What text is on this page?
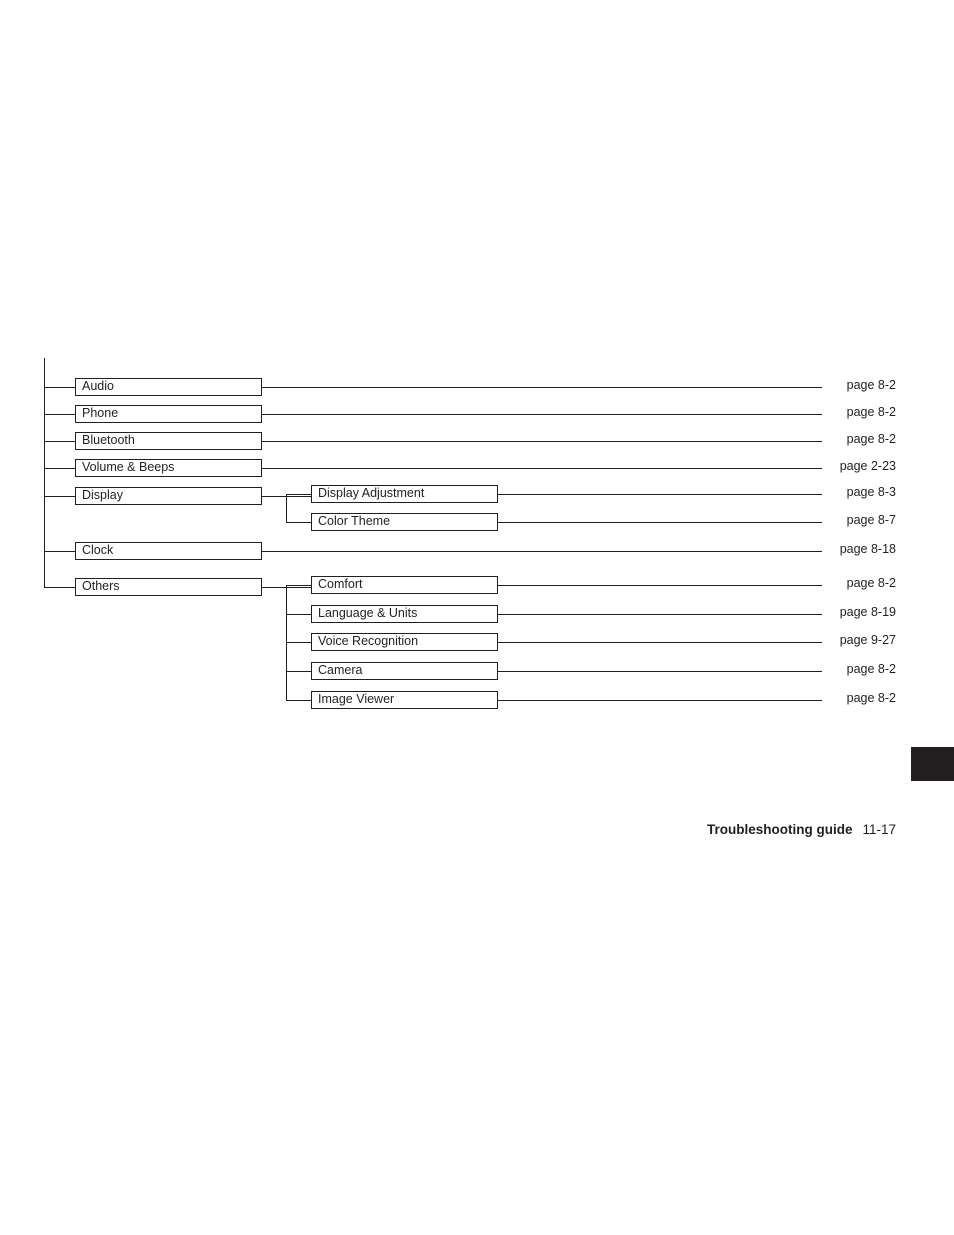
Audio	page 8-2
Phone	page 8-2
Bluetooth	page 8-2
Volume & Beeps	page 2-23
Display	Display Adjustment	page 8-3
Color Theme	page 8-7
Clock	page 8-18
Others	Comfort	page 8-2
Language & Units	page 8-19
Voice Recognition	page 9-27
Camera	page 8-2
Image Viewer	page 8-2
Troubleshooting guide 11-17
